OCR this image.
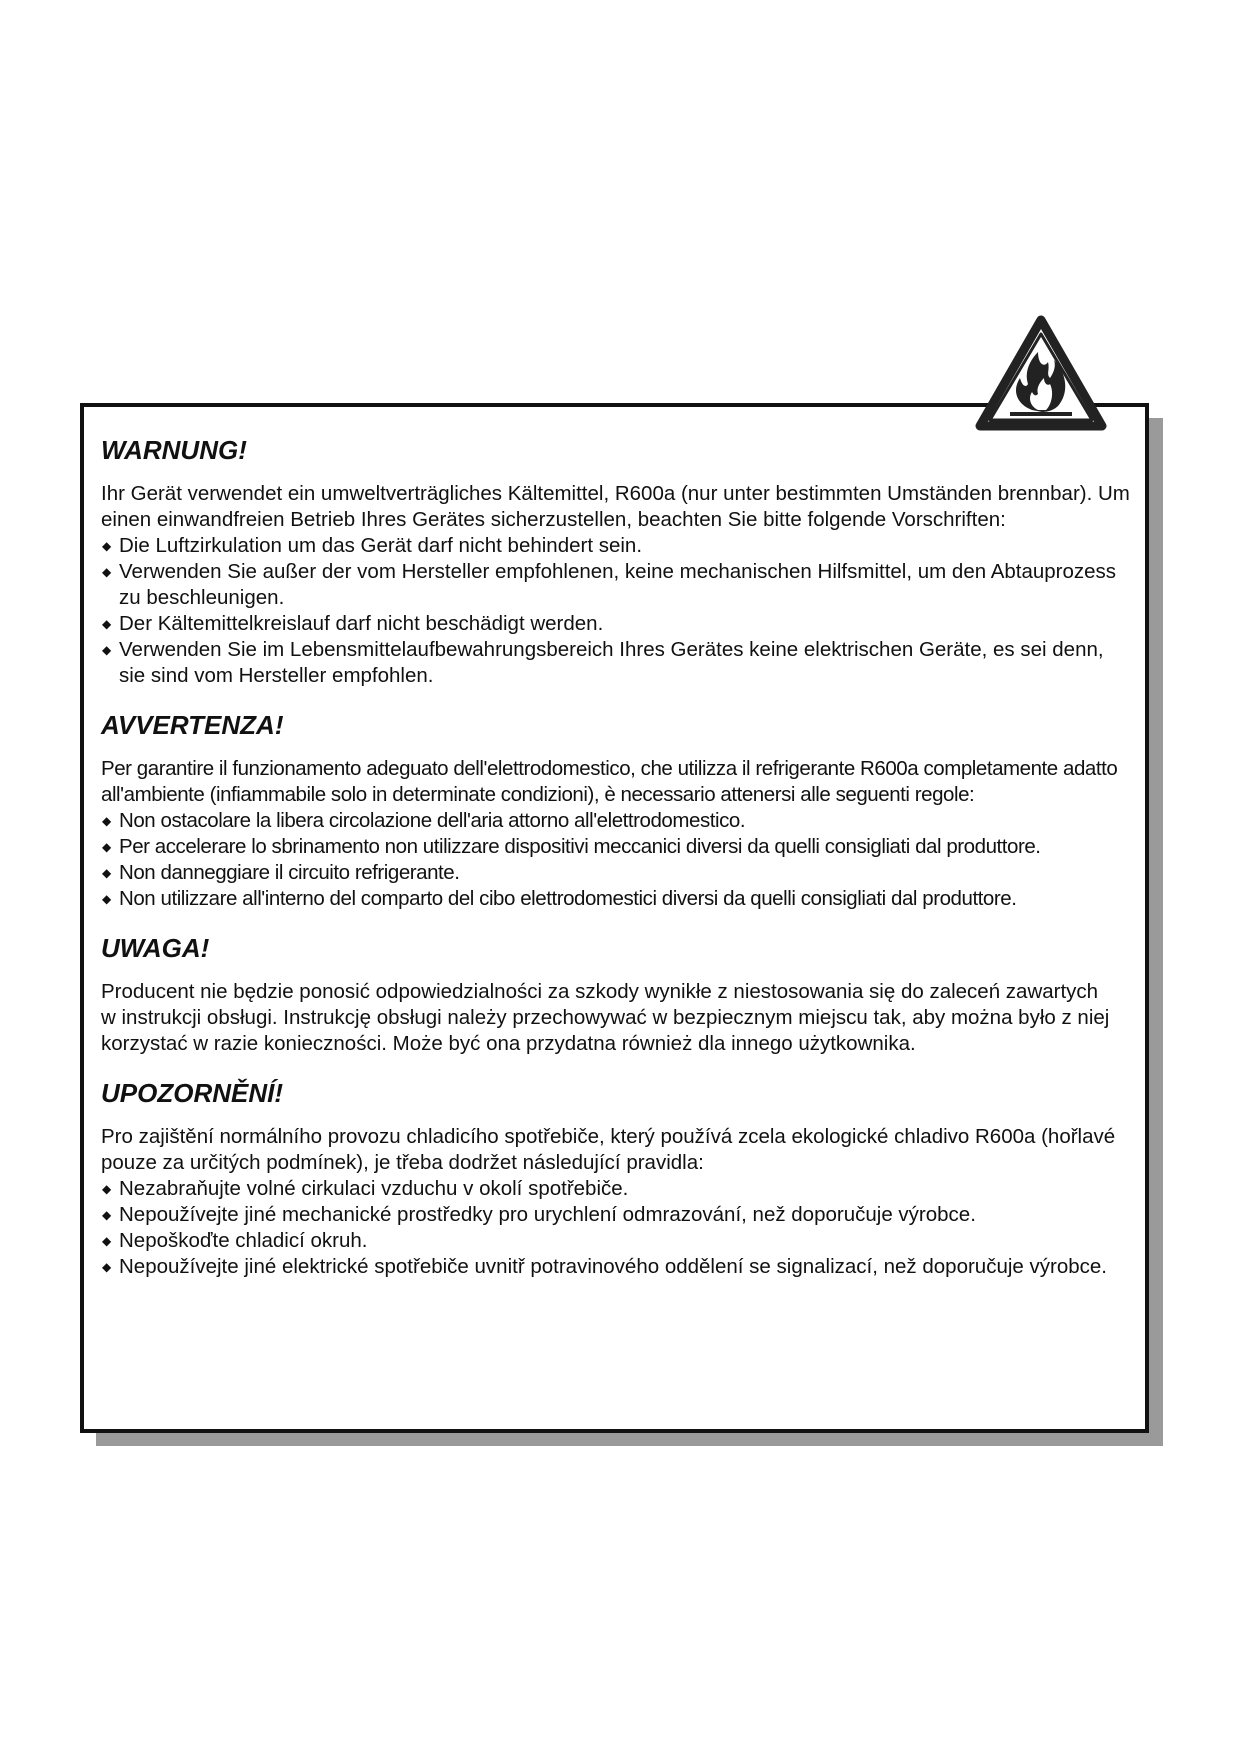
WARNUNG!

Ihr Gerät verwendet ein umweltverträgliches Kältemittel, R600a (nur unter bestimmten Umständen brennbar). Um einen einwandfreien Betrieb Ihres Gerätes sicherzustellen, beachten Sie bitte folgende Vorschriften:

◆ Die Luftzirkulation um das Gerät darf nicht behindert sein.
◆ Verwenden Sie außer der vom Hersteller empfohlenen, keine mechanischen Hilfsmittel, um den Abtauprozess zu beschleunigen.
◆ Der Kältemittelkreislauf darf nicht beschädigt werden.
◆ Verwenden Sie im Lebensmittelaufbewahrungsbereich Ihres Gerätes keine elektrischen Geräte, es sei denn, sie sind vom Hersteller empfohlen.
AVVERTENZA!

Per garantire il funzionamento adeguato dell'elettrodomestico, che utilizza il refrigerante R600a completamente adatto all'ambiente (infiammabile solo in determinate condizioni), è necessario attenersi alle seguenti regole:

◆ Non ostacolare la libera circolazione dell'aria attorno all'elettrodomestico.
◆ Per accelerare lo sbrinamento non utilizzare dispositivi meccanici diversi da quelli consigliati dal produttore.
◆ Non danneggiare il circuito refrigerante.
◆ Non utilizzare all'interno del comparto del cibo elettrodomestici diversi da quelli consigliati dal produttore.
UWAGA!

Producent nie będzie ponosić odpowiedzialności za szkody wynikłe z niestosowania się do zaleceń zawartych
w instrukcji obsługi. Instrukcję obsługi należy przechowywać w bezpiecznym miejscu tak, aby można było z niej
korzystać w razie konieczności. Może być ona przydatna również dla innego użytkownika.

UPOZORNĚNÍ!

Pro zajištění normálního provozu chladicího spotřebiče, který používá zcela ekologické chladivo R600a (hořlavé pouze za určitých podmínek), je třeba dodržet následující pravidla:

◆ Nezabraňujte volné cirkulaci vzduchu v okolí spotřebiče.
◆ Nepoužívejte jiné mechanické prostředky pro urychlení odmrazování, než doporučuje výrobce.
◆ Nepoškoďte chladicí okruh.
◆ Nepoužívejte jiné elektrické spotřebiče uvnitř potravinového oddělení se signalizací, než doporučuje výrobce.
